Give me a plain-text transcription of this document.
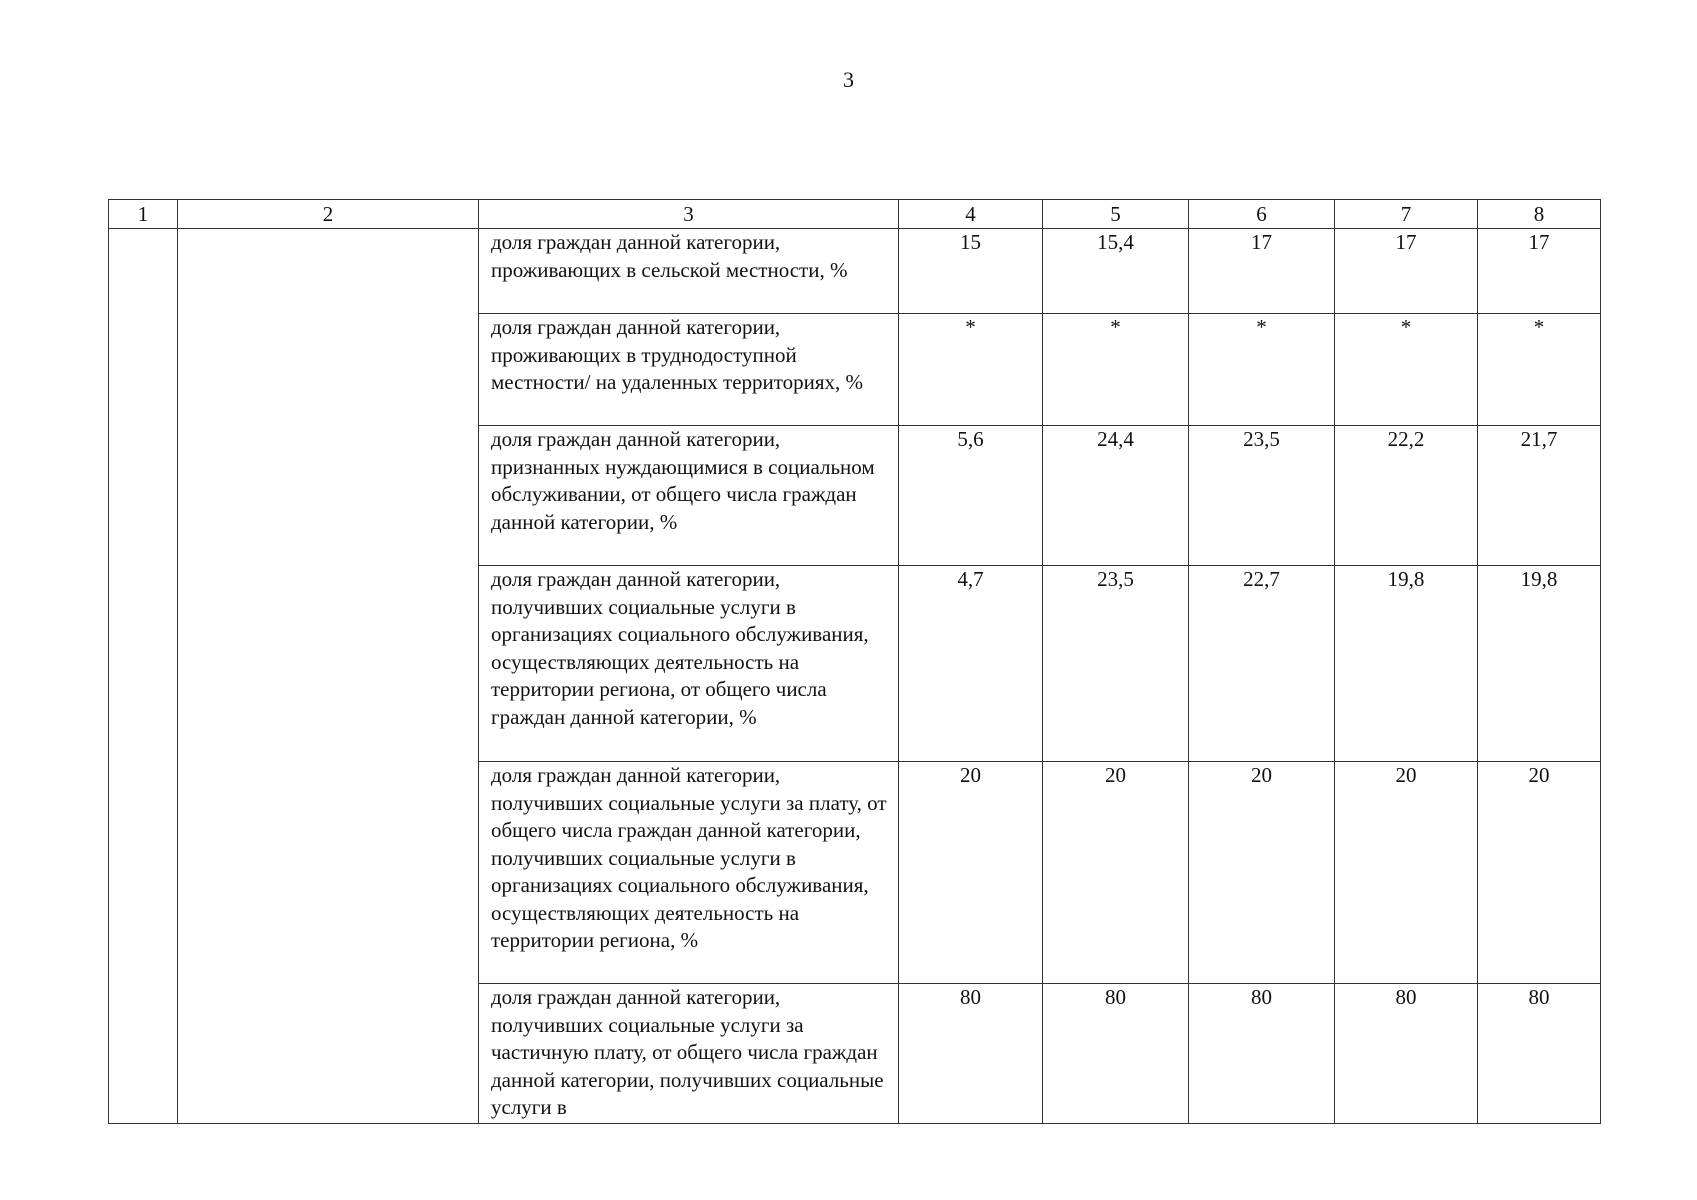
3
1	2	3	4	5	6	7	8
		доля граждан данной категории, проживающих в сельской местности, %	15	15,4	17	17	17
		доля граждан данной категории, проживающих в труднодоступной местности/ на удаленных территориях, %	*	*	*	*	*
		доля граждан данной категории, признанных нуждающимися в социальном обслуживании, от общего числа граждан данной категории, %	5,6	24,4	23,5	22,2	21,7
		доля граждан данной категории, получивших социальные услуги в организациях социального обслуживания, осуществляющих деятельность на территории региона, от общего числа граждан данной категории, %	4,7	23,5	22,7	19,8	19,8
		доля граждан данной категории, получивших социальные услуги за плату, от общего числа граждан данной категории, получивших социальные услуги в организациях социального обслуживания, осуществляющих деятельность на территории региона, %	20	20	20	20	20
		доля граждан данной категории, получивших социальные услуги за частичную плату, от общего числа граждан данной категории, получивших социальные услуги в	80	80	80	80	80
